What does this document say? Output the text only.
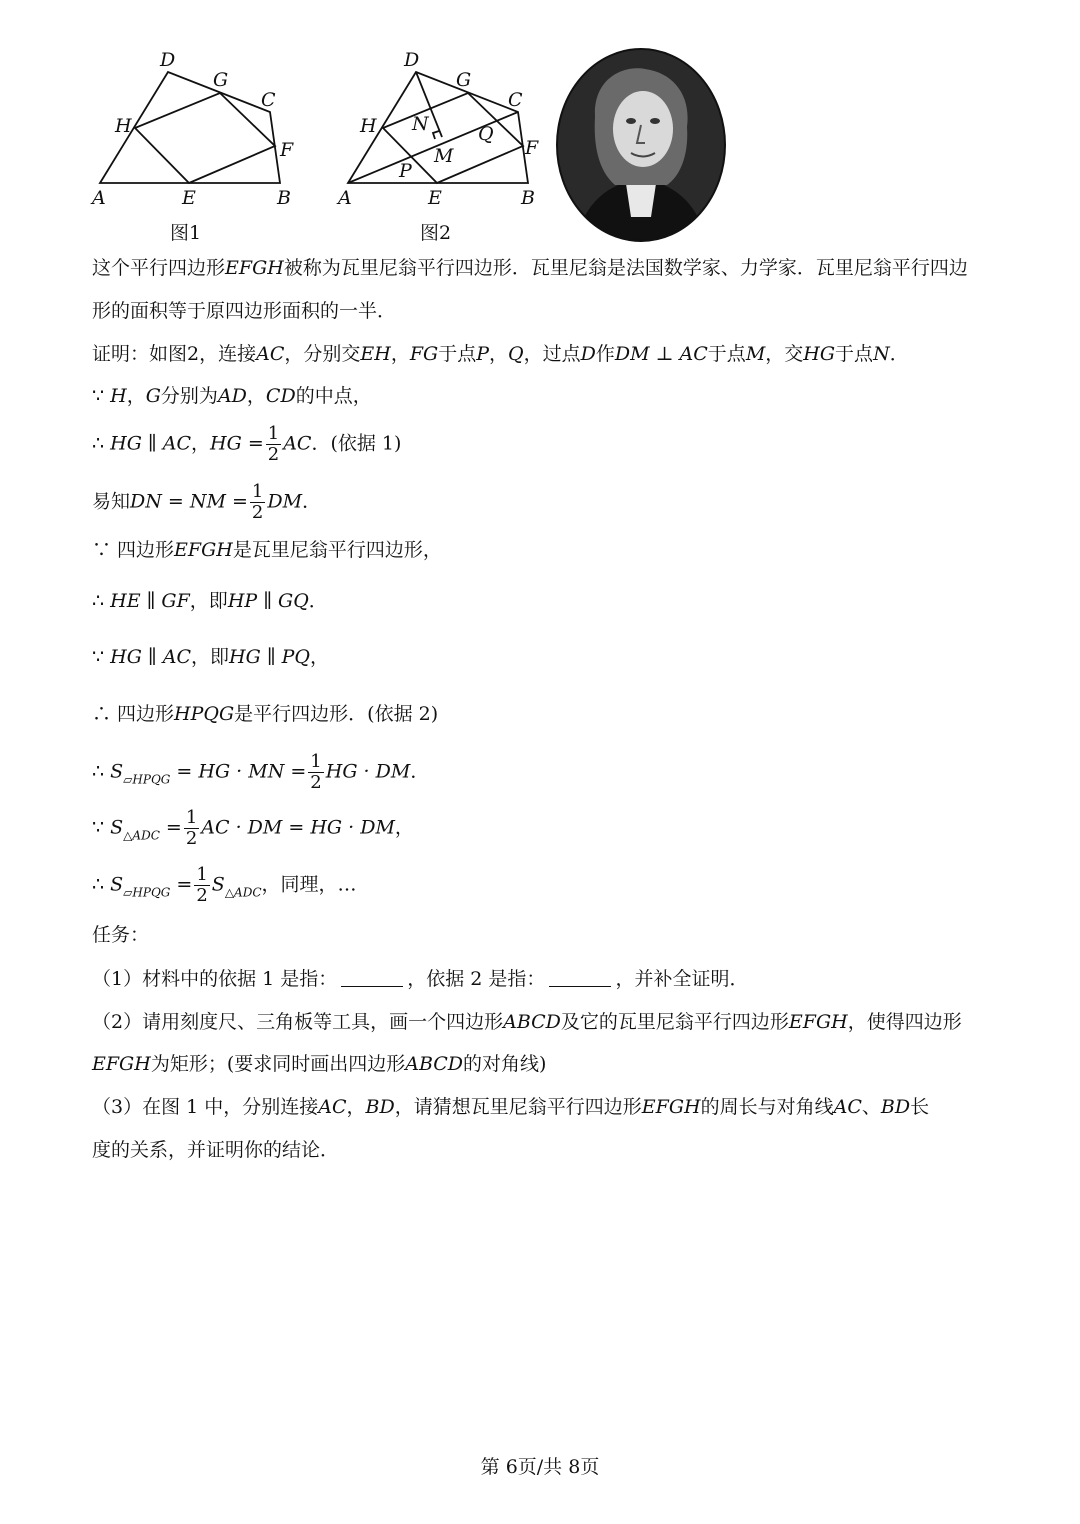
D
G
C
H
F
A	E	B
图1
D
G
C
H N	Q
M	F
P
A	E	B
图2
这个平行四边形EFGH被称为瓦里尼翁平行四边形．瓦里尼翁是法国数学家、力学家．瓦里尼翁平行四边
形的面积等于原四边形面积的一半．
证明：如图2，连接AC，分别交EH，FG于点P，Q，过点D作DM ⊥ AC于点M，交HG于点N．
∵ H，G分别为AD，CD的中点，
∴ HG ∥ AC，HG = $\frac{1}{2}$ AC．(依据 1)
易知DN = NM = $\frac{1}{2}$ DM．
∵ 四边形EFGH是瓦里尼翁平行四边形，
∴ HE ∥ GF，即HP ∥ GQ．
∵ HG ∥ AC，即HG ∥ PQ，
∴ 四边形HPQG是平行四边形．(依据 2)
∴ $S_{▱HPQG}$ = HG · MN = $\frac{1}{2}$ HG · DM．
∵ $S_{\triangle ADC} = \frac{1}{2}$ AC · DM = HG · DM，
∴ $S_{▱HPQG} = \frac{1}{2} S_{\triangle ADC}$，同理，…
任务：
（1）材料中的依据 1 是指：	，依据 2 是指：	，并补全证明．
（2）请用刻度尺、三角板等工具，画一个四边形ABCD及它的瓦里尼翁平行四边形EFGH，使得四边形
EFGH为矩形；(要求同时画出四边形ABCD的对角线)
（3）在图 1 中，分别连接AC，BD，请猜想瓦里尼翁平行四边形EFGH的周长与对角线AC、BD长
度的关系，并证明你的结论．
第 6页/共 8页
